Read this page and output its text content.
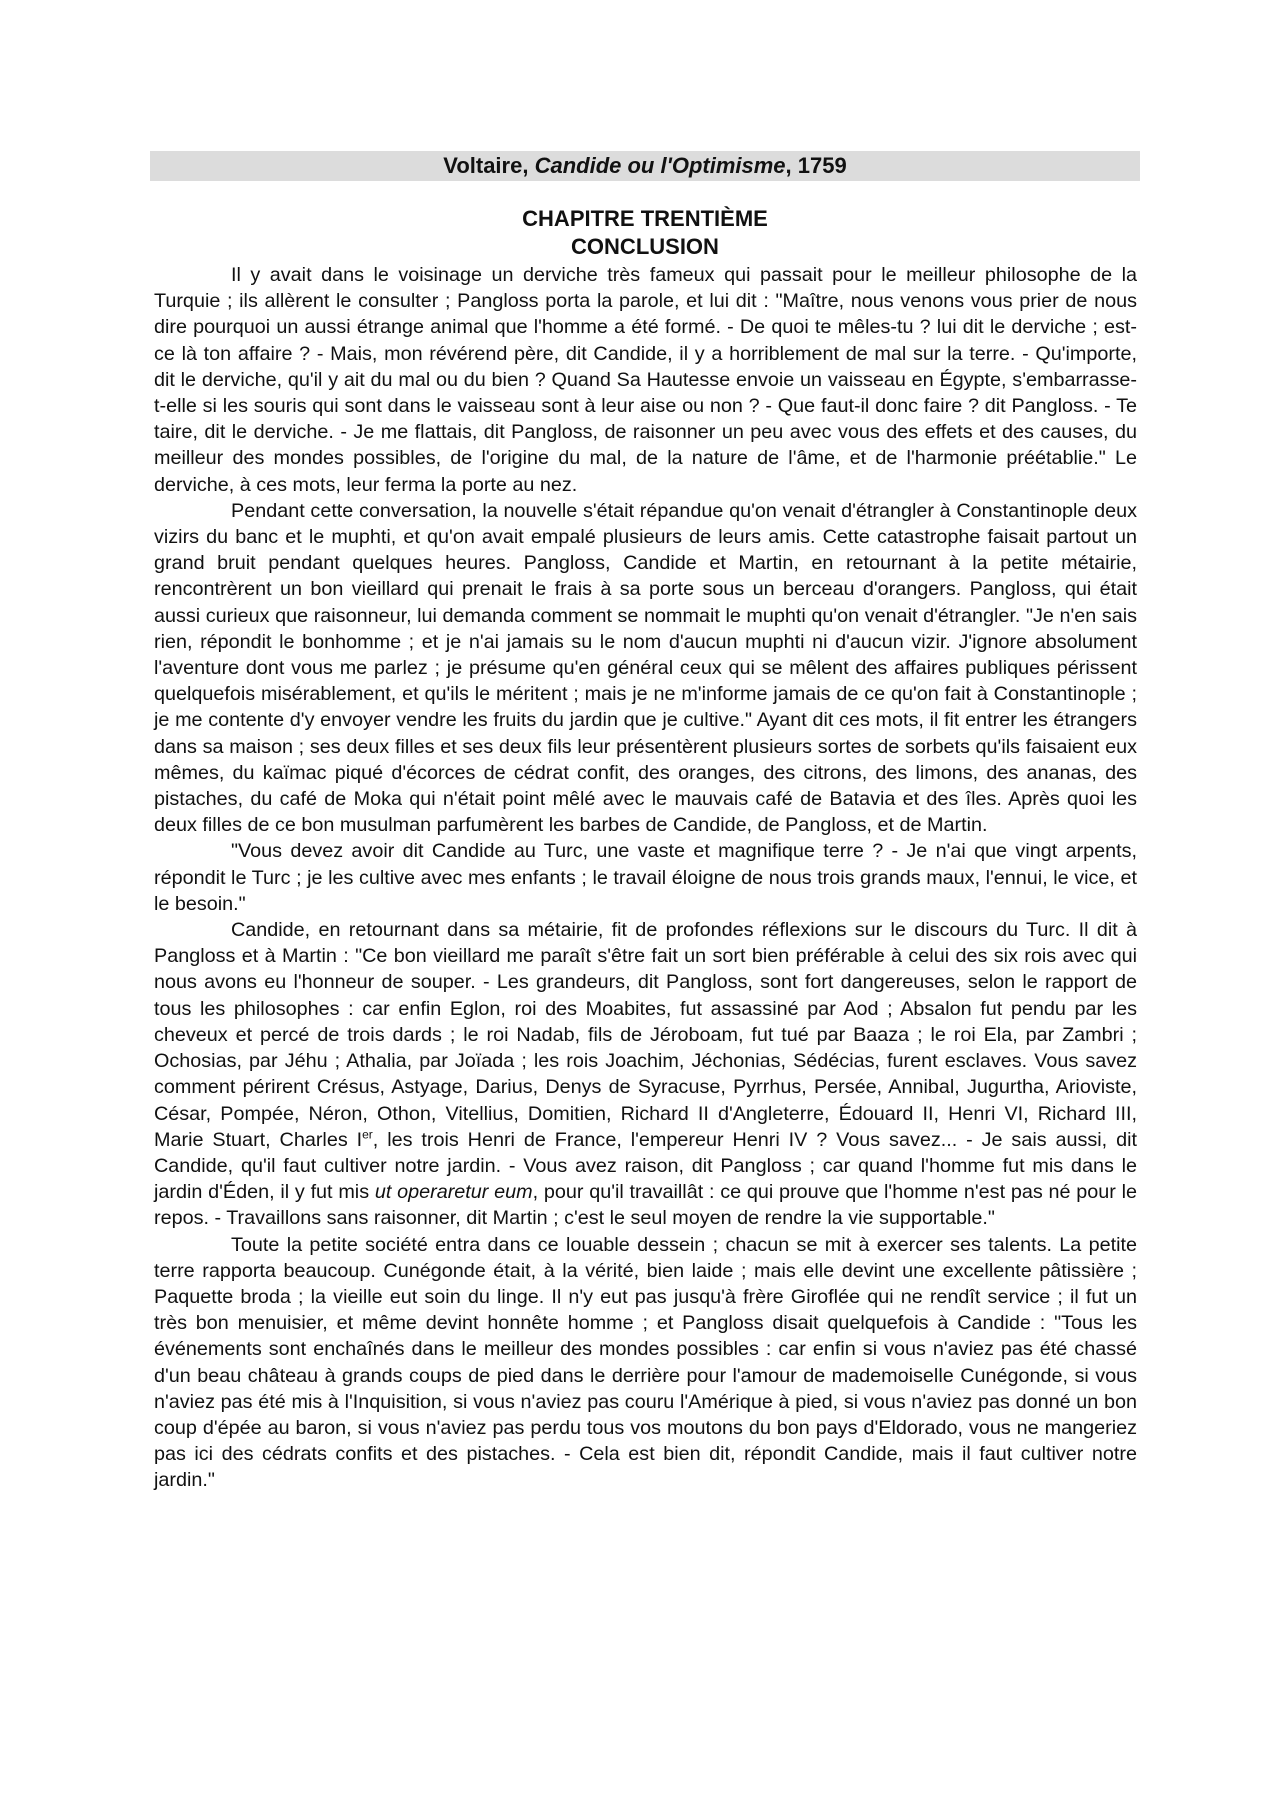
Voltaire, Candide ou l'Optimisme, 1759
CHAPITRE TRENTIÈME
CONCLUSION

Il y avait dans le voisinage un derviche très fameux qui passait pour le meilleur philosophe de la Turquie ; ils allèrent le consulter ; Pangloss porta la parole, et lui dit : "Maître, nous venons vous prier de nous dire pourquoi un aussi étrange animal que l'homme a été formé. - De quoi te mêles-tu ? lui dit le derviche ; est-ce là ton affaire ? - Mais, mon révérend père, dit Candide, il y a horriblement de mal sur la terre. - Qu'importe, dit le derviche, qu'il y ait du mal ou du bien ? Quand Sa Hautesse envoie un vaisseau en Égypte, s'embarrasse-t-elle si les souris qui sont dans le vaisseau sont à leur aise ou non ? - Que faut-il donc faire ? dit Pangloss. - Te taire, dit le derviche. - Je me flattais, dit Pangloss, de raisonner un peu avec vous des effets et des causes, du meilleur des mondes possibles, de l'origine du mal, de la nature de l'âme, et de l'harmonie préétablie." Le derviche, à ces mots, leur ferma la porte au nez.

Pendant cette conversation, la nouvelle s'était répandue qu'on venait d'étrangler à Constantinople deux vizirs du banc et le muphti, et qu'on avait empalé plusieurs de leurs amis. Cette catastrophe faisait partout un grand bruit pendant quelques heures. Pangloss, Candide et Martin, en retournant à la petite métairie, rencontrèrent un bon vieillard qui prenait le frais à sa porte sous un berceau d'orangers. Pangloss, qui était aussi curieux que raisonneur, lui demanda comment se nommait le muphti qu'on venait d'étrangler. "Je n'en sais rien, répondit le bonhomme ; et je n'ai jamais su le nom d'aucun muphti ni d'aucun vizir. J'ignore absolument l'aventure dont vous me parlez ; je présume qu'en général ceux qui se mêlent des affaires publiques périssent quelquefois misérablement, et qu'ils le méritent ; mais je ne m'informe jamais de ce qu'on fait à Constantinople ; je me contente d'y envoyer vendre les fruits du jardin que je cultive." Ayant dit ces mots, il fit entrer les étrangers dans sa maison ; ses deux filles et ses deux fils leur présentèrent plusieurs sortes de sorbets qu'ils faisaient eux mêmes, du kaïmac piqué d'écorces de cédrat confit, des oranges, des citrons, des limons, des ananas, des pistaches, du café de Moka qui n'était point mêlé avec le mauvais café de Batavia et des îles. Après quoi les deux filles de ce bon musulman parfumèrent les barbes de Candide, de Pangloss, et de Martin.

"Vous devez avoir dit Candide au Turc, une vaste et magnifique terre ? - Je n'ai que vingt arpents, répondit le Turc ; je les cultive avec mes enfants ; le travail éloigne de nous trois grands maux, l'ennui, le vice, et le besoin."

Candide, en retournant dans sa métairie, fit de profondes réflexions sur le discours du Turc. Il dit à Pangloss et à Martin : "Ce bon vieillard me paraît s'être fait un sort bien préférable à celui des six rois avec qui nous avons eu l'honneur de souper. - Les grandeurs, dit Pangloss, sont fort dangereuses, selon le rapport de tous les philosophes : car enfin Eglon, roi des Moabites, fut assassiné par Aod ; Absalon fut pendu par les cheveux et percé de trois dards ; le roi Nadab, fils de Jéroboam, fut tué par Baaza ; le roi Ela, par Zambri ; Ochosias, par Jéhu ; Athalia, par Joïada ; les rois Joachim, Jéchonias, Sédécias, furent esclaves. Vous savez comment périrent Crésus, Astyage, Darius, Denys de Syracuse, Pyrrhus, Persée, Annibal, Jugurtha, Arioviste, César, Pompée, Néron, Othon, Vitellius, Domitien, Richard II d'Angleterre, Édouard II, Henri VI, Richard III, Marie Stuart, Charles Ier, les trois Henri de France, l'empereur Henri IV ? Vous savez... - Je sais aussi, dit Candide, qu'il faut cultiver notre jardin. - Vous avez raison, dit Pangloss ; car quand l'homme fut mis dans le jardin d'Éden, il y fut mis ut operaretur eum, pour qu'il travaillât : ce qui prouve que l'homme n'est pas né pour le repos. - Travaillons sans raisonner, dit Martin ; c'est le seul moyen de rendre la vie supportable."

Toute la petite société entra dans ce louable dessein ; chacun se mit à exercer ses talents. La petite terre rapporta beaucoup. Cunégonde était, à la vérité, bien laide ; mais elle devint une excellente pâtissière ; Paquette broda ; la vieille eut soin du linge. Il n'y eut pas jusqu'à frère Giroflée qui ne rendît service ; il fut un très bon menuisier, et même devint honnête homme ; et Pangloss disait quelquefois à Candide : "Tous les événements sont enchaînés dans le meilleur des mondes possibles : car enfin si vous n'aviez pas été chassé d'un beau château à grands coups de pied dans le derrière pour l'amour de mademoiselle Cunégonde, si vous n'aviez pas été mis à l'Inquisition, si vous n'aviez pas couru l'Amérique à pied, si vous n'aviez pas donné un bon coup d'épée au baron, si vous n'aviez pas perdu tous vos moutons du bon pays d'Eldorado, vous ne mangeriez pas ici des cédrats confits et des pistaches. - Cela est bien dit, répondit Candide, mais il faut cultiver notre jardin."
